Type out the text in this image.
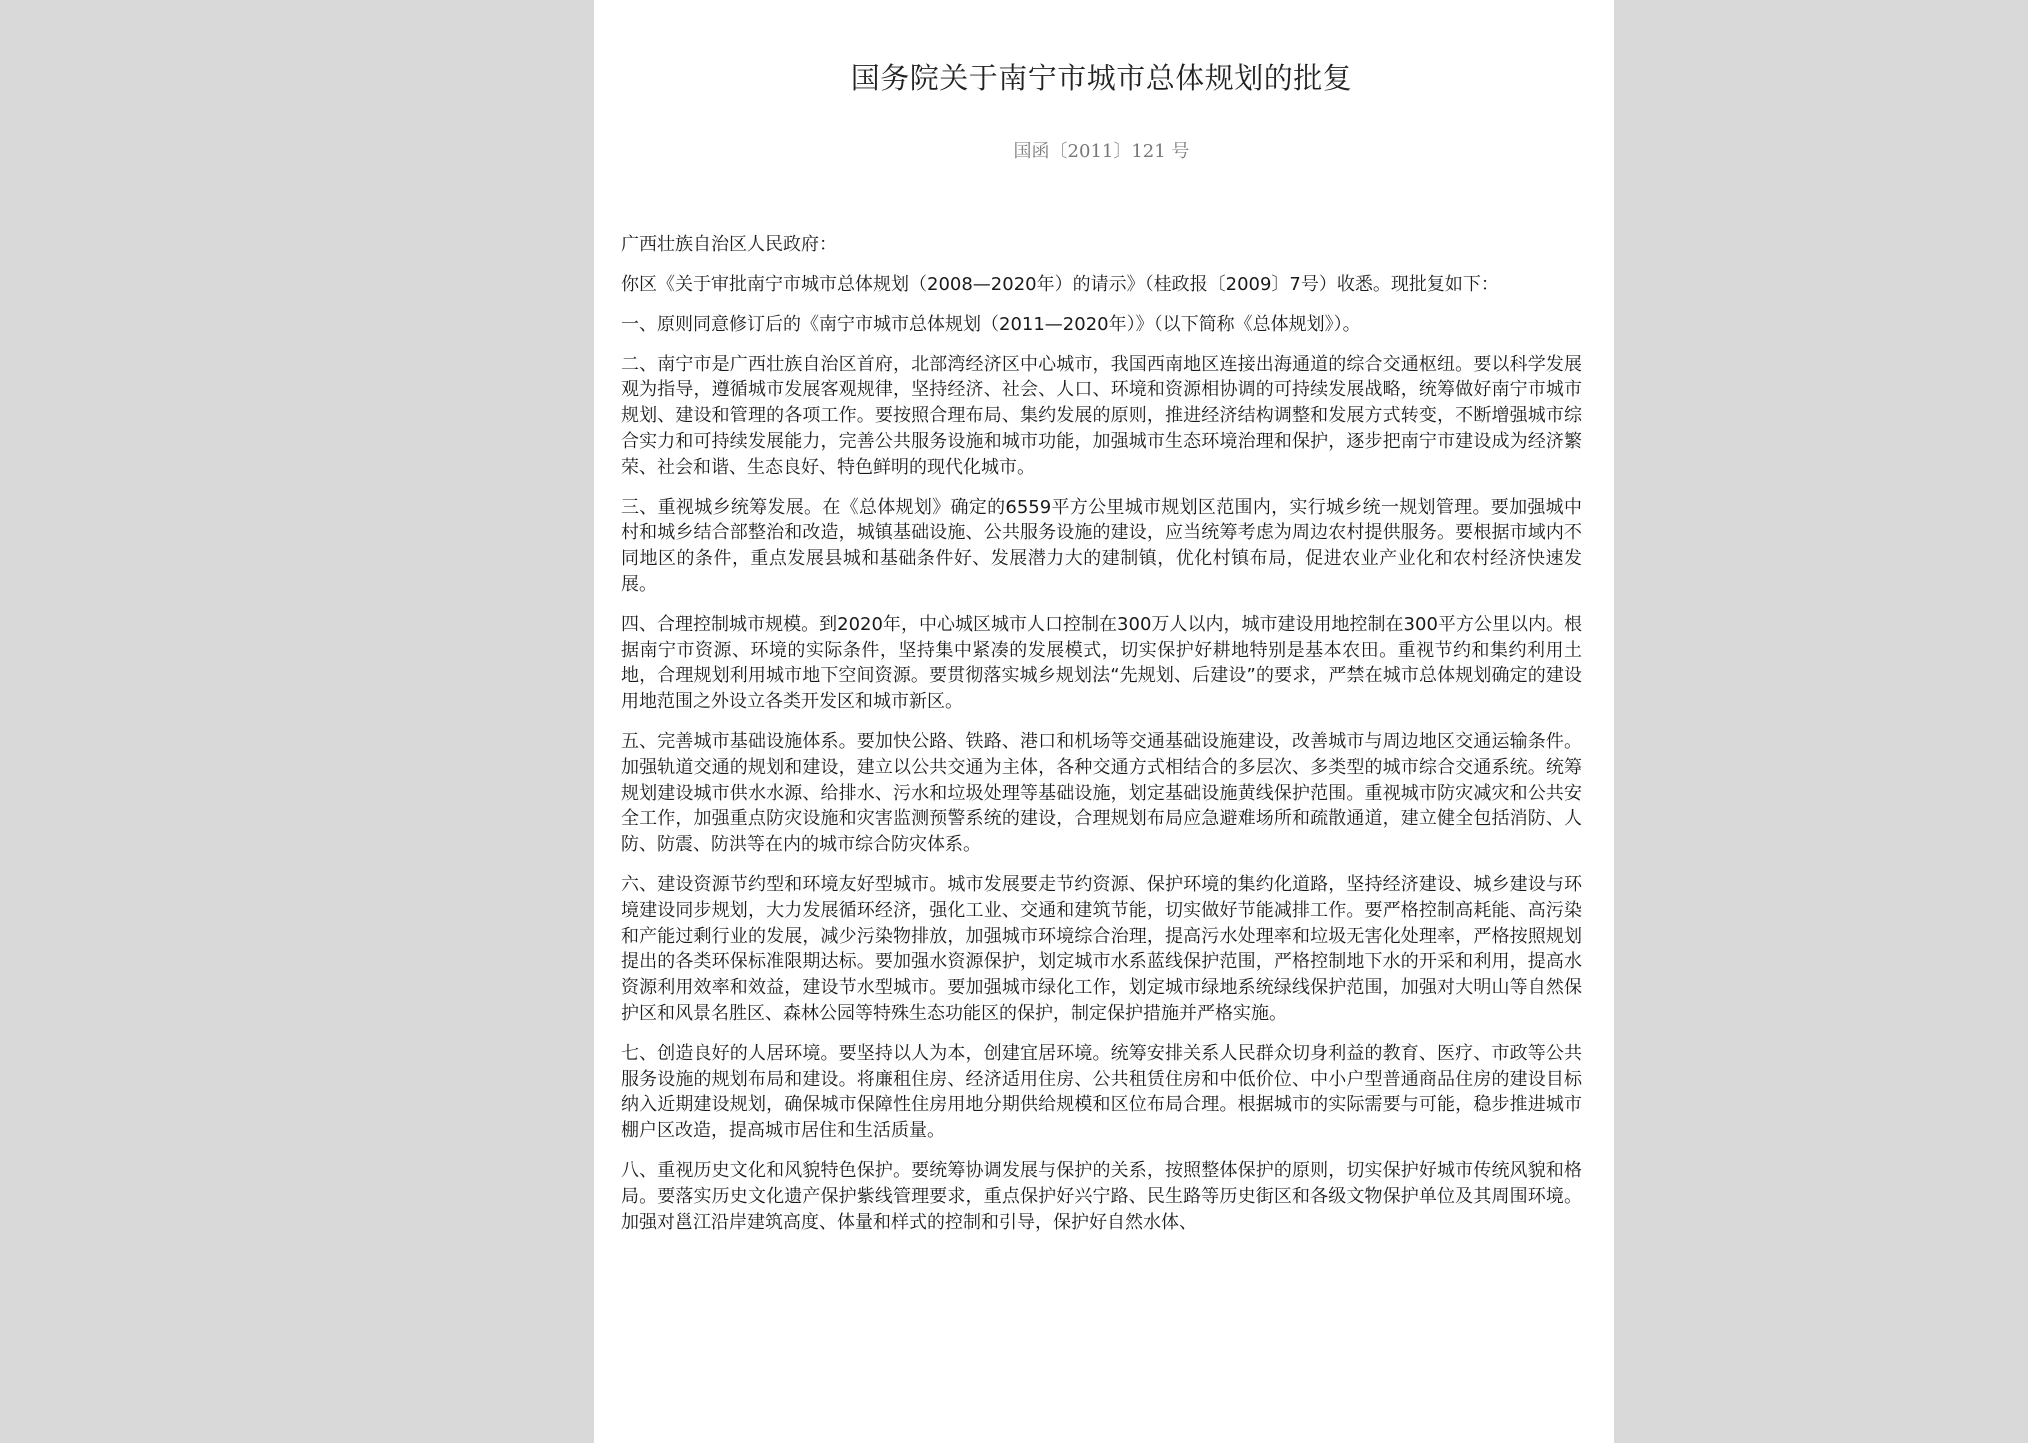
国务院关于南宁市城市总体规划的批复

国函〔2011〕121 号

广西壮族自治区人民政府：

你区《关于审批南宁市城市总体规划（2008—2020年）的请示》（桂政报〔2009〕7号）收悉。现批复如下：

一、原则同意修订后的《南宁市城市总体规划（2011—2020年）》（以下简称《总体规划》）。

二、南宁市是广西壮族自治区首府，北部湾经济区中心城市，我国西南地区连接出海通道的综合交通枢纽。要以科学发展观为指导，遵循城市发展客观规律，坚持经济、社会、人口、环境和资源相协调的可持续发展战略，统筹做好南宁市城市规划、建设和管理的各项工作。要按照合理布局、集约发展的原则，推进经济结构调整和发展方式转变，不断增强城市综合实力和可持续发展能力，完善公共服务设施和城市功能，加强城市生态环境治理和保护，逐步把南宁市建设成为经济繁荣、社会和谐、生态良好、特色鲜明的现代化城市。

三、重视城乡统筹发展。在《总体规划》确定的6559平方公里城市规划区范围内，实行城乡统一规划管理。要加强城中村和城乡结合部整治和改造，城镇基础设施、公共服务设施的建设，应当统筹考虑为周边农村提供服务。要根据市域内不同地区的条件，重点发展县城和基础条件好、发展潜力大的建制镇，优化村镇布局，促进农业产业化和农村经济快速发展。

四、合理控制城市规模。到2020年，中心城区城市人口控制在300万人以内，城市建设用地控制在300平方公里以内。根据南宁市资源、环境的实际条件，坚持集中紧凑的发展模式，切实保护好耕地特别是基本农田。重视节约和集约利用土地，合理规划利用城市地下空间资源。要贯彻落实城乡规划法“先规划、后建设”的要求，严禁在城市总体规划确定的建设用地范围之外设立各类开发区和城市新区。

五、完善城市基础设施体系。要加快公路、铁路、港口和机场等交通基础设施建设，改善城市与周边地区交通运输条件。加强轨道交通的规划和建设，建立以公共交通为主体，各种交通方式相结合的多层次、多类型的城市综合交通系统。统筹规划建设城市供水水源、给排水、污水和垃圾处理等基础设施，划定基础设施黄线保护范围。重视城市防灾减灾和公共安全工作，加强重点防灾设施和灾害监测预警系统的建设，合理规划布局应急避难场所和疏散通道，建立健全包括消防、人防、防震、防洪等在内的城市综合防灾体系。

六、建设资源节约型和环境友好型城市。城市发展要走节约资源、保护环境的集约化道路，坚持经济建设、城乡建设与环境建设同步规划，大力发展循环经济，强化工业、交通和建筑节能，切实做好节能减排工作。要严格控制高耗能、高污染和产能过剩行业的发展，减少污染物排放，加强城市环境综合治理，提高污水处理率和垃圾无害化处理率，严格按照规划提出的各类环保标准限期达标。要加强水资源保护，划定城市水系蓝线保护范围，严格控制地下水的开采和利用，提高水资源利用效率和效益，建设节水型城市。要加强城市绿化工作，划定城市绿地系统绿线保护范围，加强对大明山等自然保护区和风景名胜区、森林公园等特殊生态功能区的保护，制定保护措施并严格实施。

七、创造良好的人居环境。要坚持以人为本，创建宜居环境。统筹安排关系人民群众切身利益的教育、医疗、市政等公共服务设施的规划布局和建设。将廉租住房、经济适用住房、公共租赁住房和中低价位、中小户型普通商品住房的建设目标纳入近期建设规划，确保城市保障性住房用地分期供给规模和区位布局合理。根据城市的实际需要与可能，稳步推进城市棚户区改造，提高城市居住和生活质量。

八、重视历史文化和风貌特色保护。要统筹协调发展与保护的关系，按照整体保护的原则，切实保护好城市传统风貌和格局。要落实历史文化遗产保护紫线管理要求，重点保护好兴宁路、民生路等历史街区和各级文物保护单位及其周围环境。加强对邕江沿岸建筑高度、体量和样式的控制和引导，保护好自然水体、
